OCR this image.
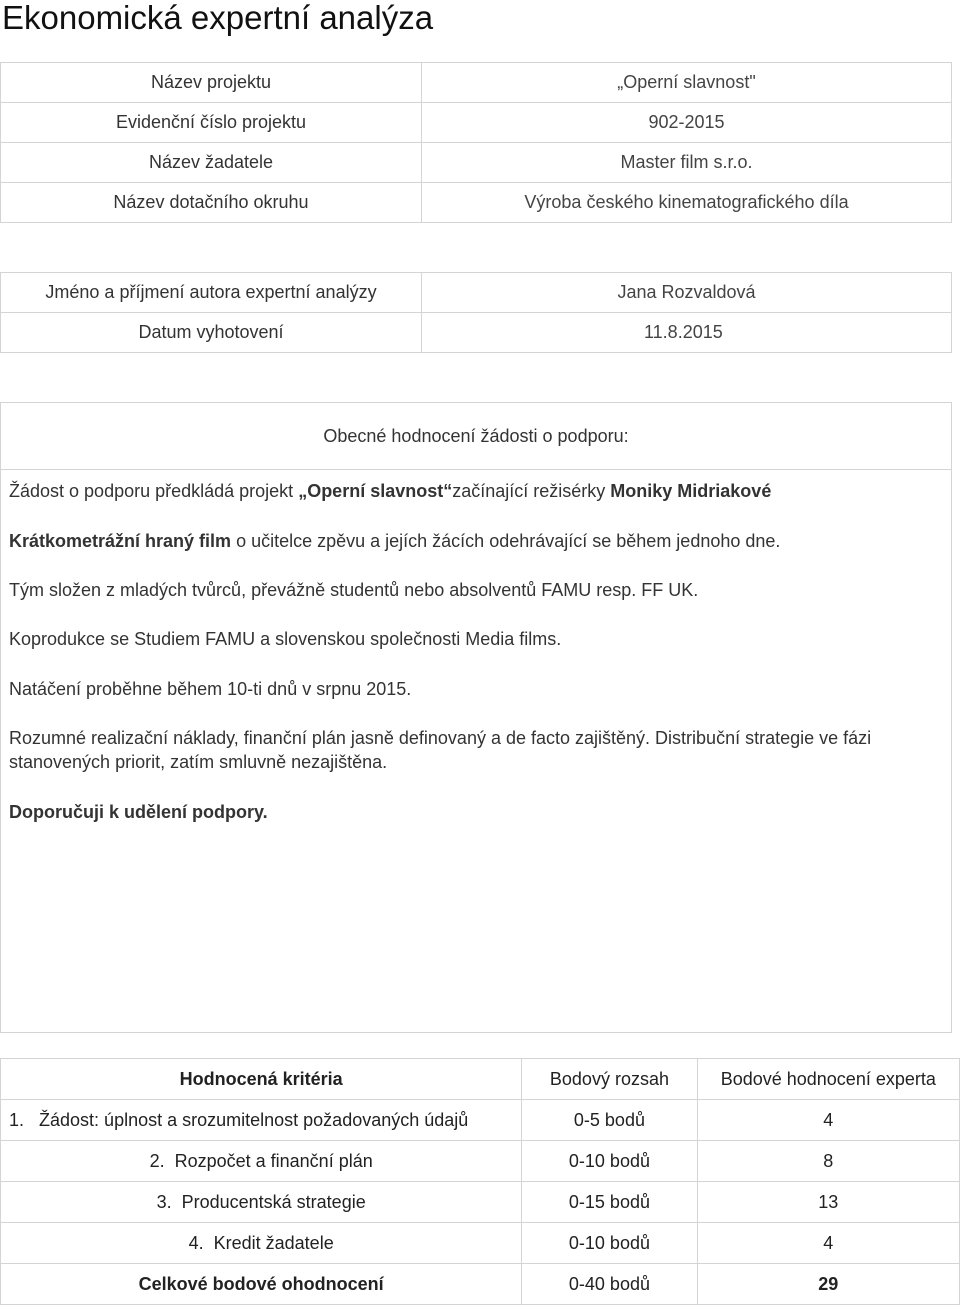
Ekonomická expertní analýza
Název projektu	„Operní slavnost"
Evidenční číslo projektu	902-2015
Název žadatele	Master film s.r.o.
Název dotačního okruhu	Výroba českého kinematografického díla
Jméno a příjmení autora expertní analýzy	Jana Rozvaldová
Datum vyhotovení	11.8.2015
Obecné hodnocení žádosti o podporu:

Žádost o podporu předkládá projekt „Operní slavnost“začínající režisérky Moniky Midriakové

Krátkometrážní hraný film o učitelce zpěvu a jejích žácích odehrávající se během jednoho dne.

Tým složen z mladých tvůrců, převážně studentů nebo absolventů FAMU resp. FF UK.

Koprodukce se Studiem FAMU a slovenskou společnosti Media films.

Natáčení proběhne během 10-ti dnů v srpnu 2015.

Rozumné realizační náklady, finanční plán jasně definovaný a de facto zajištěný. Distribuční strategie ve fázi stanovených priorit, zatím smluvně nezajištěna.

Doporučuji k udělení podpory.

Hodnocená kritéria	Bodový rozsah	Bodové hodnocení experta
1. Žádost: úplnost a srozumitelnost požadovaných údajů	0-5 bodů	4
2. Rozpočet a finanční plán	0-10 bodů	8
3. Producentská strategie	0-15 bodů	13
4. Kredit žadatele	0-10 bodů	4
Celkové bodové ohodnocení	0-40 bodů	29
